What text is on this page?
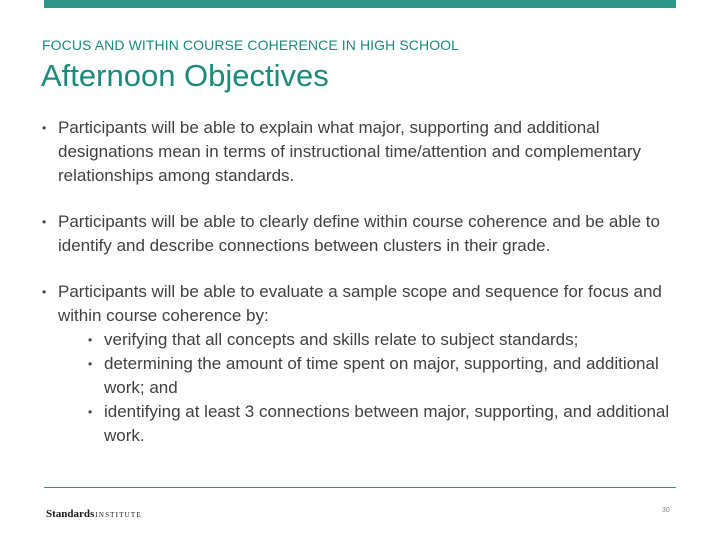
FOCUS AND WITHIN COURSE COHERENCE IN HIGH SCHOOL
Afternoon Objectives
• Participants will be able to explain what major, supporting and additional designations mean in terms of instructional time/attention and complementary relationships among standards.
• Participants will be able to clearly define within course coherence and be able to identify and describe connections between clusters in their grade.
• Participants will be able to evaluate a sample scope and sequence for focus and within course coherence by:
• verifying that all concepts and skills relate to subject standards;
• determining the amount of time spent on major, supporting, and additional work; and
• identifying at least 3 connections between major, supporting, and additional work.
StandardsINSTITUTE
30
